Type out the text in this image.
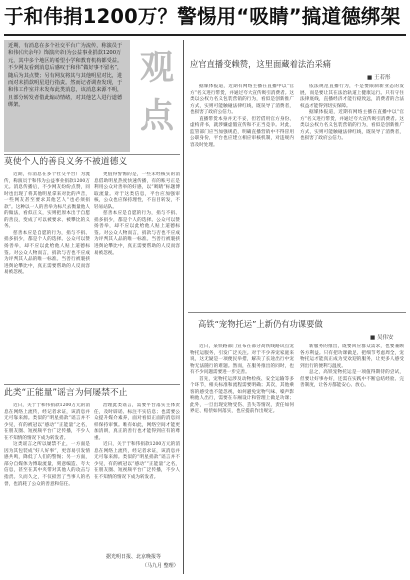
于和伟捐1200万？警惕用“吸睛”搞道德绑架
近期，有消息在多个社交平台广为流传，称演员于和伟(《庆余年》饰演庆帝)为公益事业捐款1200万元，其中多个地区的希望小学和教育机构都受益。不少网友看到消息后感叹于和伟“做好事不留名”，随后为其点赞；另有网友将其与其他明星对比，进而对未捐款明星进行指责。然而记者调查发现，于和伟工作室并未发布此类消息，该消息来源不明，且部分转发者借此煽动情绪，对其他艺人进行道德绑架。
观点
莫使个人的善良义务不被道德义

近期，有消息在多个社交平台广为流传，称演员于和伟为公益事业捐款1200万元。消息传播后，不少网友纷纷点赞，同时也出现了将其他明星拿来对比的声音，一些网友甚至要求其他艺人“也必须捐款”。这种以一人的善举为标尺去衡量他人的做法，看似正义，实则把原本出于自愿的善良，变成了可以被要求、被攀比的义务。

慈善本应是自愿的行为，捐与不捐、捐多捐少，都是个人的选择。公众可以赞扬善举，却不应以此给他人贴上道德标签。对公众人物而言，捐款与否也不应成为评判其人品的唯一标准。当善行被裹挟进舆论攀比中，真正需要帮助的人反而容易被忽视。

更值得警惕的是，一些未经核实的消息借助明星热度快速传播，有的账号正是利用公众对善举的好感，以“吸睛”标题博取流量。对于这类信息，平台应加强审核，公众也应保持理性，不盲目转发，不轻易站队。

慈善本应是自愿的行为，捐与不捐、捐多捐少，都是个人的选择。公众可以赞扬善举，却不应以此给他人贴上道德标签。对公众人物而言，捐款与否也不应成为评判其人品的唯一标准。当善行被裹挟进舆论攀比中，真正需要帮助的人反而容易被忽视。

此类“正能量”谣言为何屡禁不止

近日，关于于和伟捐款1200万元的消息在网络上流传，经记者求证，该消息并无可靠来源。类似的“明星捐款”谣言并不少见，有的被冠以“感动”“正能量”之名，在朋友圈、短视频平台广泛传播，不少人在不知情的情况下成为转发者。

这类谣言之所以屡禁不止，一方面是因为其包装成“好人好事”，更容易引发情感共鸣，降低了人们的警惕；另一方面，部分自媒体为博取流量，刻意编造、夸大信息，甚至在其中夹带对其他人的攻击与指责。久而久之，不仅损害了当事人的名誉，也消耗了公众的善意和信任。

治理此类谣言，需要平台落实主体责任，及时辟谣、标注不实信息；也需要公众提升媒介素养，面对看似正面的消息同样保持审慎。唯有如此，网络空间才能更加清朗，真正的善行也才能得到应有的尊重。

近日，关于于和伟捐款1200万元的消息在网络上流传，经记者求证，该消息并无可靠来源。类似的“明星捐款”谣言并不少见，有的被冠以“感动”“正能量”之名，在朋友圈、短视频平台广泛传播，不少人在不知情的情况下成为转发者。

据光明日报、北京晚报等
（马九月 整理）
应官直播变赖赞，这里面藏着法治采痛
■ 王若彤

据媒体报道，近期有网络主播在直播中以“官方”名义进行带货，并通过夸大宣传吸引消费者。这类以公权力名义包装营销的行为，看似是创新推广方式，实则可能触碰法律红线，既误导了消费者，也损害了政府公信力。

直播带货本身并无不妥，但若借用官方身份、虚构背书，就涉嫌虚假宣传和不正当竞争。对此，监管部门应当加强规范，明确直播营销中不得冒用公职身份，平台也应建立相应审核机制，对违规内容及时处理。

依法规范直播行为，不是要限制新业态的发展，而是要让其在法治轨道上健康运行。只有守住法律底线，直播经济才能行稳致远，消费者的合法权益才能得到切实保障。

据媒体报道，近期有网络主播在直播中以“官方”名义进行带货，并通过夸大宣传吸引消费者。这类以公权力名义包装营销的行为，看似是创新推广方式，实则可能触碰法律红线，既误导了消费者，也损害了政府公信力。

高铁“宠物托运”上新仍有功课要做
■ 吴伟安

近日，某铁路部门宣布在部分高铁线路试点宠物托运服务，引发广泛关注。对于不少养宠家庭来说，这无疑是一项便民举措，解决了长途出行中宠物无法随行的难题。然而，在服务推出的同时，也有不少问题需要进一步完善。

首先，宠物托运涉及动物检疫、安全运输等多个环节，相关标准和流程需要明确；其次，其他乘客的感受也不能忽视，如何避免宠物气味、噪声影响他人出行，需要在车厢设计和管理上做足功课；此外，一旦出现宠物受伤、丢失等情况，责任如何界定、赔偿如何落实，也应提前作出规定。

新服务的推出，既要回应群众需求，也要兼顾各方利益。只有把功课做足、把细节考虑周全，宠物托运才能真正成为受欢迎的服务，让更多人感受到出行的便利与温度。

总之，高铁宠物托运是一项值得期待的尝试，但要让好事办好，还需在实践中不断总结经验、完善制度，让各方都能安心、放心。
